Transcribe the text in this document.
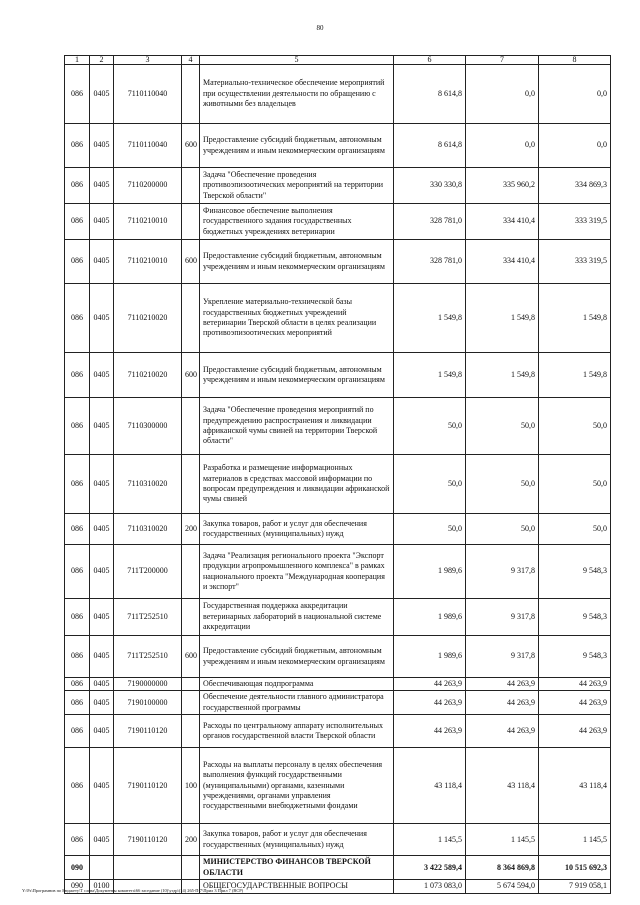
80
1	2	3	4	5	6	7	8
086	0405	7110110040		Материально-техническое обеспечение мероприятий при осуществлении деятельности по обращению с животными без владельцев	8 614,8	0,0	0,0
086	0405	7110110040	600	Предоставление субсидий бюджетным, автономным учреждениям и иным некоммерческим организациям	8 614,8	0,0	0,0
086	0405	7110200000		Задача "Обеспечение проведения противоэпизоотических мероприятий на территории Тверской области"	330 330,8	335 960,2	334 869,3
086	0405	7110210010		Финансовое обеспечение выполнения государственного задания государственных бюджетных учреждениях ветеринарии	328 781,0	334 410,4	333 319,5
086	0405	7110210010	600	Предоставление субсидий бюджетным, автономным учреждениям и иным некоммерческим организациям	328 781,0	334 410,4	333 319,5
086	0405	7110210020		Укрепление материально-технической базы государственных бюджетных учреждений ветеринарии Тверской области в целях реализации противоэпизоотических мероприятий	1 549,8	1 549,8	1 549,8
086	0405	7110210020	600	Предоставление субсидий бюджетным, автономным учреждениям и иным некоммерческим организациям	1 549,8	1 549,8	1 549,8
086	0405	7110300000		Задача "Обеспечение проведения мероприятий по предупреждению распространения и ликвидации африканской чумы свиней на территории Тверской области"	50,0	50,0	50,0
086	0405	7110310020		Разработка и размещение информационных материалов в средствах массовой информации по вопросам предупреждения и ликвидации африканской чумы свиней	50,0	50,0	50,0
086	0405	7110310020	200	Закупка товаров, работ и услуг для обеспечения государственных (муниципальных) нужд	50,0	50,0	50,0
086	0405	711T200000		Задача "Реализация регионального проекта "Экспорт продукции агропромышленного комплекса" в рамках национального проекта "Международная кооперация и экспорт"	1 989,6	9 317,8	9 548,3
086	0405	711T252510		Государственная поддержка аккредитации ветеринарных лабораторий в национальной системе аккредитации	1 989,6	9 317,8	9 548,3
086	0405	711T252510	600	Предоставление субсидий бюджетным, автономным учреждениям и иным некоммерческим организациям	1 989,6	9 317,8	9 548,3
086	0405	7190000000		Обеспечивающая подпрограмма	44 263,9	44 263,9	44 263,9
086	0405	7190100000		Обеспечение деятельности главного администратора государственной программы	44 263,9	44 263,9	44 263,9
086	0405	7190110120		Расходы по центральному аппарату исполнительных органов государственной власти Тверской области	44 263,9	44 263,9	44 263,9
086	0405	7190110120	100	Расходы на выплаты персоналу в целях обеспечения выполнения функций государственными (муниципальными) органами, казенными учреждениями, органами управления государственными внебюджетными фондами	43 118,4	43 118,4	43 118,4
086	0405	7190110120	200	Закупка товаров, работ и услуг для обеспечения государственных (муниципальных) нужд	1 145,5	1 145,5	1 145,5
090				МИНИСТЕРСТВО ФИНАНСОВ ТВЕРСКОЙ ОБЛАСТИ	3 422 589,4	8 364 869,8	10 515 692,3
090	0100			ОБЩЕГОСУДАРСТВЕННЫЕ ВОПРОСЫ	1 073 083,0	5 674 594,0	7 919 058,1
Y:\Fs\Програмнов по Бюджету\Т слева\Документы комитета\66 заседание (10)\угдр\(14) 265-П-7\Прил 3 Прил 7 (ВСР)
